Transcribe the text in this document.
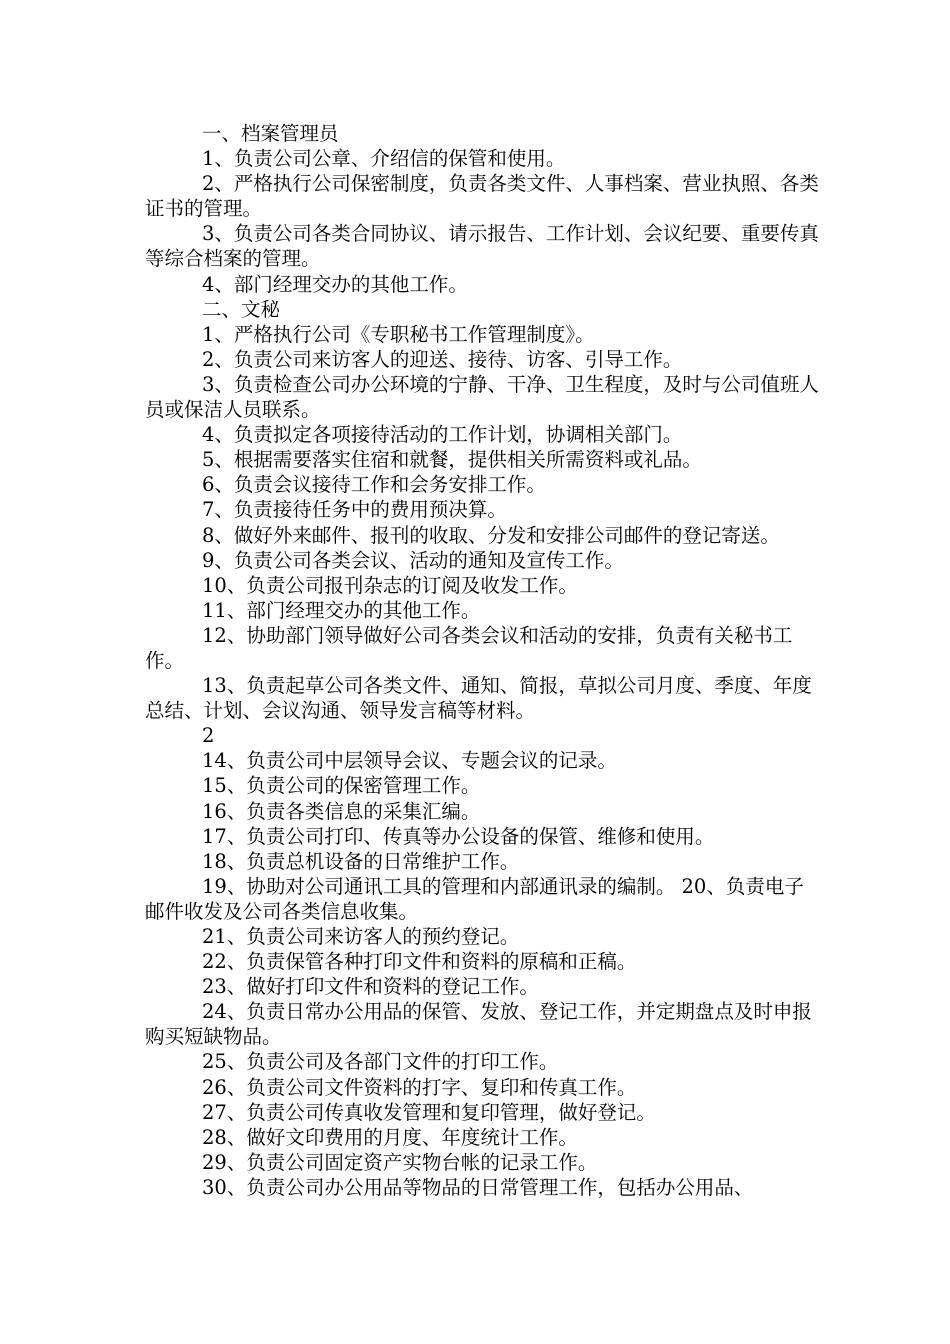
一、档案管理员

1、负责公司公章、介绍信的保管和使用。

2、严格执行公司保密制度，负责各类文件、人事档案、营业执照、各类证书的管理。

3、负责公司各类合同协议、请示报告、工作计划、会议纪要、重要传真等综合档案的管理。

4、部门经理交办的其他工作。

二、文秘

1、严格执行公司《专职秘书工作管理制度》。

2、负责公司来访客人的迎送、接待、访客、引导工作。

3、负责检查公司办公环境的宁静、干净、卫生程度，及时与公司值班人员或保洁人员联系。

4、负责拟定各项接待活动的工作计划，协调相关部门。

5、根据需要落实住宿和就餐，提供相关所需资料或礼品。

6、负责会议接待工作和会务安排工作。

7、负责接待任务中的费用预决算。

8、做好外来邮件、报刊的收取、分发和安排公司邮件的登记寄送。

9、负责公司各类会议、活动的通知及宣传工作。

10、负责公司报刊杂志的订阅及收发工作。

11、部门经理交办的其他工作。

12、协助部门领导做好公司各类会议和活动的安排，负责有关秘书工作。

13、负责起草公司各类文件、通知、简报，草拟公司月度、季度、年度总结、计划、会议沟通、领导发言稿等材料。

2

14、负责公司中层领导会议、专题会议的记录。

15、负责公司的保密管理工作。

16、负责各类信息的采集汇编。

17、负责公司打印、传真等办公设备的保管、维修和使用。

18、负责总机设备的日常维护工作。

19、协助对公司通讯工具的管理和内部通讯录的编制。 20、负责电子邮件收发及公司各类信息收集。

21、负责公司来访客人的预约登记。

22、负责保管各种打印文件和资料的原稿和正稿。

23、做好打印文件和资料的登记工作。

24、负责日常办公用品的保管、发放、登记工作，并定期盘点及时申报购买短缺物品。

25、负责公司及各部门文件的打印工作。

26、负责公司文件资料的打字、复印和传真工作。

27、负责公司传真收发管理和复印管理，做好登记。

28、做好文印费用的月度、年度统计工作。

29、负责公司固定资产实物台帐的记录工作。

30、负责公司办公用品等物品的日常管理工作，包括办公用品、
